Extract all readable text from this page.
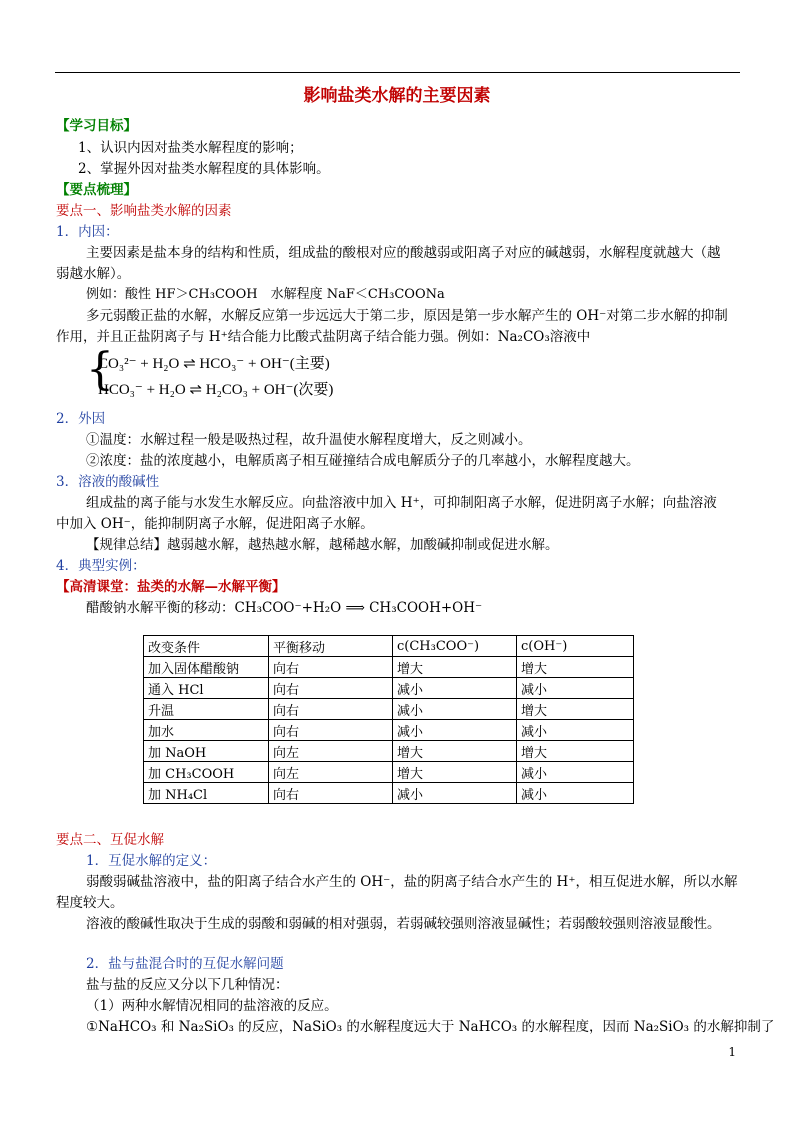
影响盐类水解的主要因素
【学习目标】
1、认识内因对盐类水解程度的影响；
2、掌握外因对盐类水解程度的具体影响。
【要点梳理】
要点一、影响盐类水解的因素
1．内因：
主要因素是盐本身的结构和性质，组成盐的酸根对应的酸越弱或阳离子对应的碱越弱，水解程度就越大（越
弱越水解）。
例如：酸性 HF＞CH₃COOH　水解程度 NaF＜CH₃COONa
多元弱酸正盐的水解，水解反应第一步远远大于第二步，原因是第一步水解产生的 OH⁻对第二步水解的抑制
作用，并且正盐阴离子与 H⁺结合能力比酸式盐阴离子结合能力强。例如：Na₂CO₃溶液中
{
CO₃²⁻ + H₂O ⇌ HCO₃⁻ + OH⁻(主要)
HCO₃⁻ + H₂O ⇌ H₂CO₃ + OH⁻(次要)
2．外因
①温度：水解过程一般是吸热过程，故升温使水解程度增大，反之则减小。
②浓度：盐的浓度越小，电解质离子相互碰撞结合成电解质分子的几率越小，水解程度越大。
3．溶液的酸碱性
组成盐的离子能与水发生水解反应。向盐溶液中加入 H⁺，可抑制阳离子水解，促进阴离子水解；向盐溶液
中加入 OH⁻，能抑制阴离子水解，促进阳离子水解。
【规律总结】越弱越水解，越热越水解，越稀越水解，加酸碱抑制或促进水解。
4．典型实例：
【高清课堂：盐类的水解—水解平衡】
醋酸钠水解平衡的移动：CH₃COO⁻+H₂O ⟹ CH₃COOH+OH⁻
改变条件	平衡移动	c(CH₃COO⁻)	c(OH⁻)
加入固体醋酸钠	向右	增大	增大
通入 HCl	向右	减小	减小
升温	向右	减小	增大
加水	向右	减小	减小
加 NaOH	向左	增大	增大
加 CH₃COOH	向左	增大	减小
加 NH₄Cl	向右	减小	减小
要点二、互促水解
1．互促水解的定义：
弱酸弱碱盐溶液中，盐的阳离子结合水产生的 OH⁻，盐的阴离子结合水产生的 H⁺，相互促进水解，所以水解
程度较大。
溶液的酸碱性取决于生成的弱酸和弱碱的相对强弱，若弱碱较强则溶液显碱性；若弱酸较强则溶液显酸性。
2．盐与盐混合时的互促水解问题
盐与盐的反应又分以下几种情况：
（1）两种水解情况相同的盐溶液的反应。
①NaHCO₃ 和 Na₂SiO₃ 的反应，NaSiO₃ 的水解程度远大于 NaHCO₃ 的水解程度，因而 Na₂SiO₃ 的水解抑制了
1
